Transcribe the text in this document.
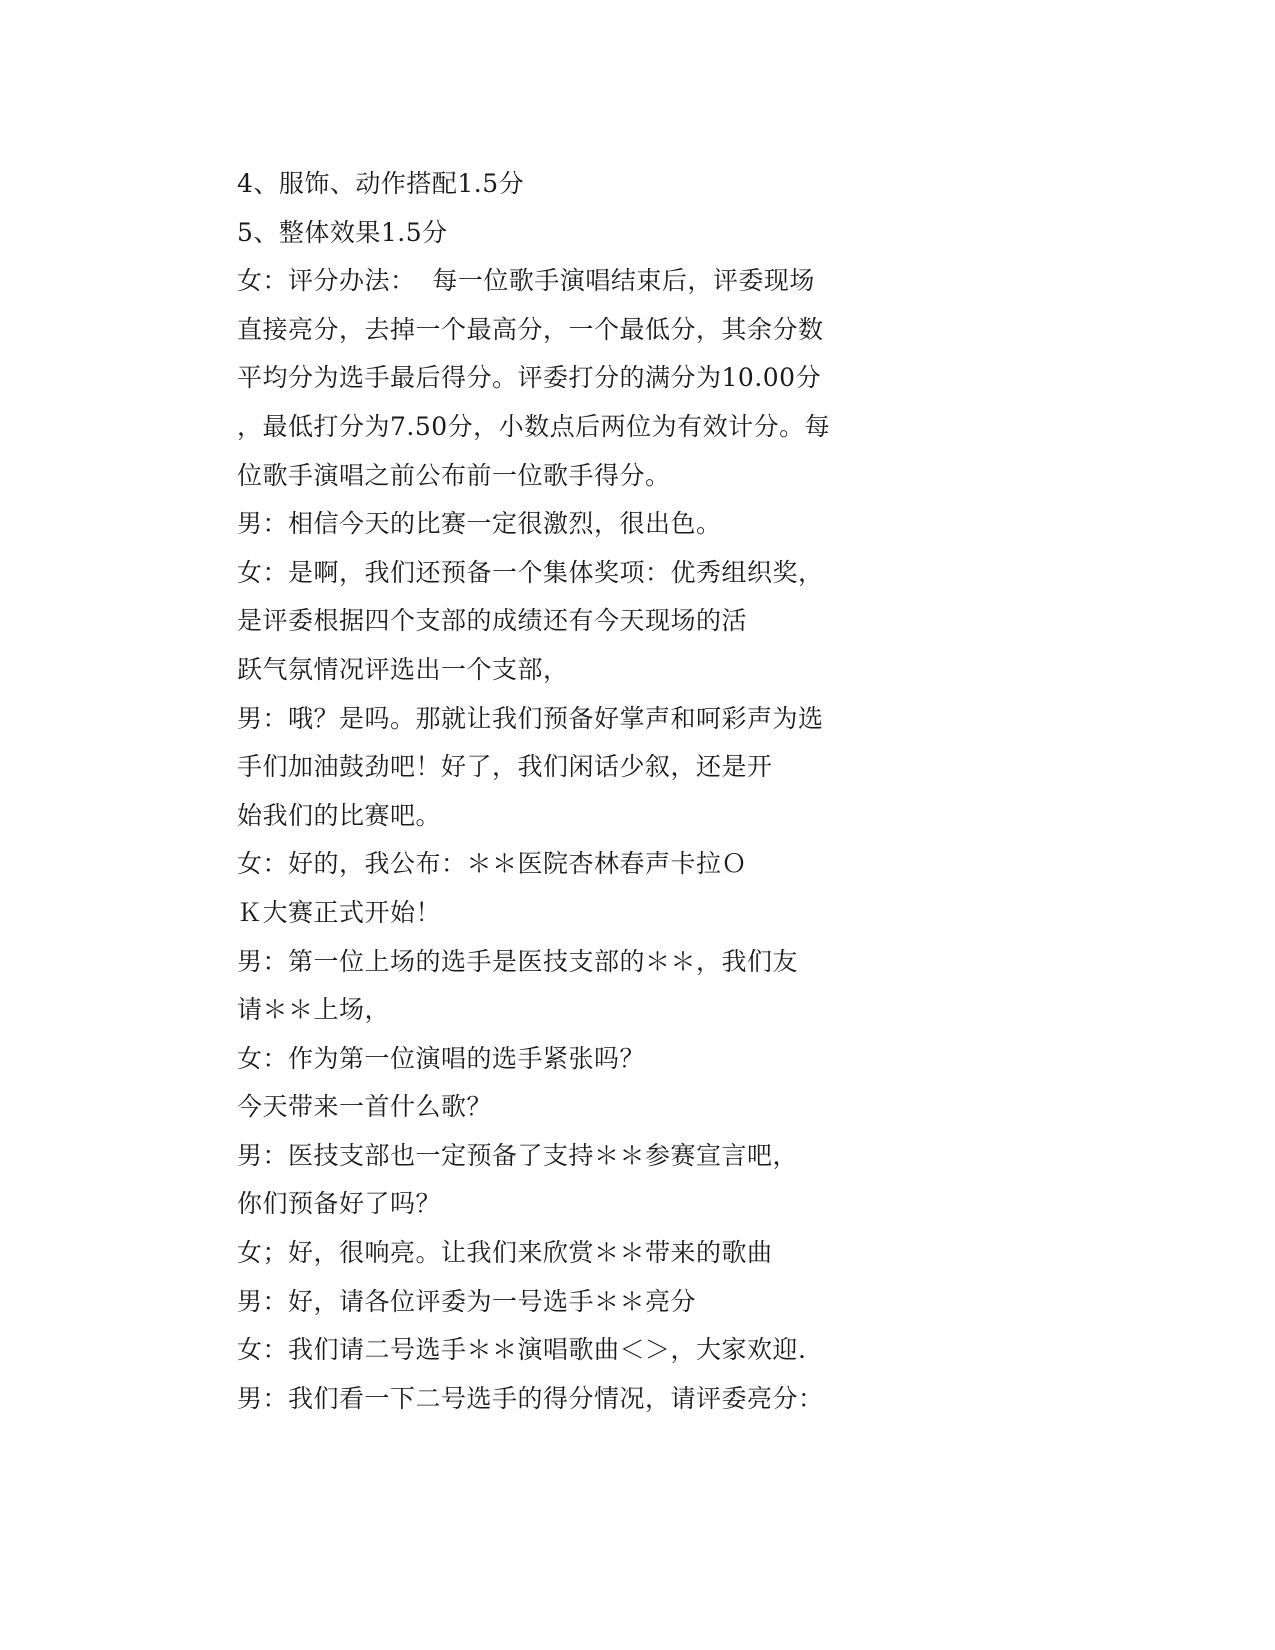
4、服饰、动作搭配1.5分
5、整体效果1.5分
女：评分办法：  每一位歌手演唱结束后，评委现场
直接亮分，去掉一个最高分，一个最低分，其余分数
平均分为选手最后得分。评委打分的满分为10.00分
，最低打分为7.50分，小数点后两位为有效计分。每
位歌手演唱之前公布前一位歌手得分。
男：相信今天的比赛一定很激烈，很出色。
女：是啊，我们还预备一个集体奖项：优秀组织奖，
是评委根据四个支部的成绩还有今天现场的活
跃气氛情况评选出一个支部，
男：哦？是吗。那就让我们预备好掌声和呵彩声为选
手们加油鼓劲吧！好了，我们闲话少叙，还是开
始我们的比赛吧。
女：好的，我公布：＊＊医院杏林春声卡拉Ｏ
Ｋ大赛正式开始！
男：第一位上场的选手是医技支部的＊＊，我们友
请＊＊上场，
女：作为第一位演唱的选手紧张吗？
今天带来一首什么歌？
男：医技支部也一定预备了支持＊＊参赛宣言吧，
你们预备好了吗？
女；好，很响亮。让我们来欣赏＊＊带来的歌曲
男：好，请各位评委为一号选手＊＊亮分
女：我们请二号选手＊＊演唱歌曲＜＞，大家欢迎.
男：我们看一下二号选手的得分情况，请评委亮分：
